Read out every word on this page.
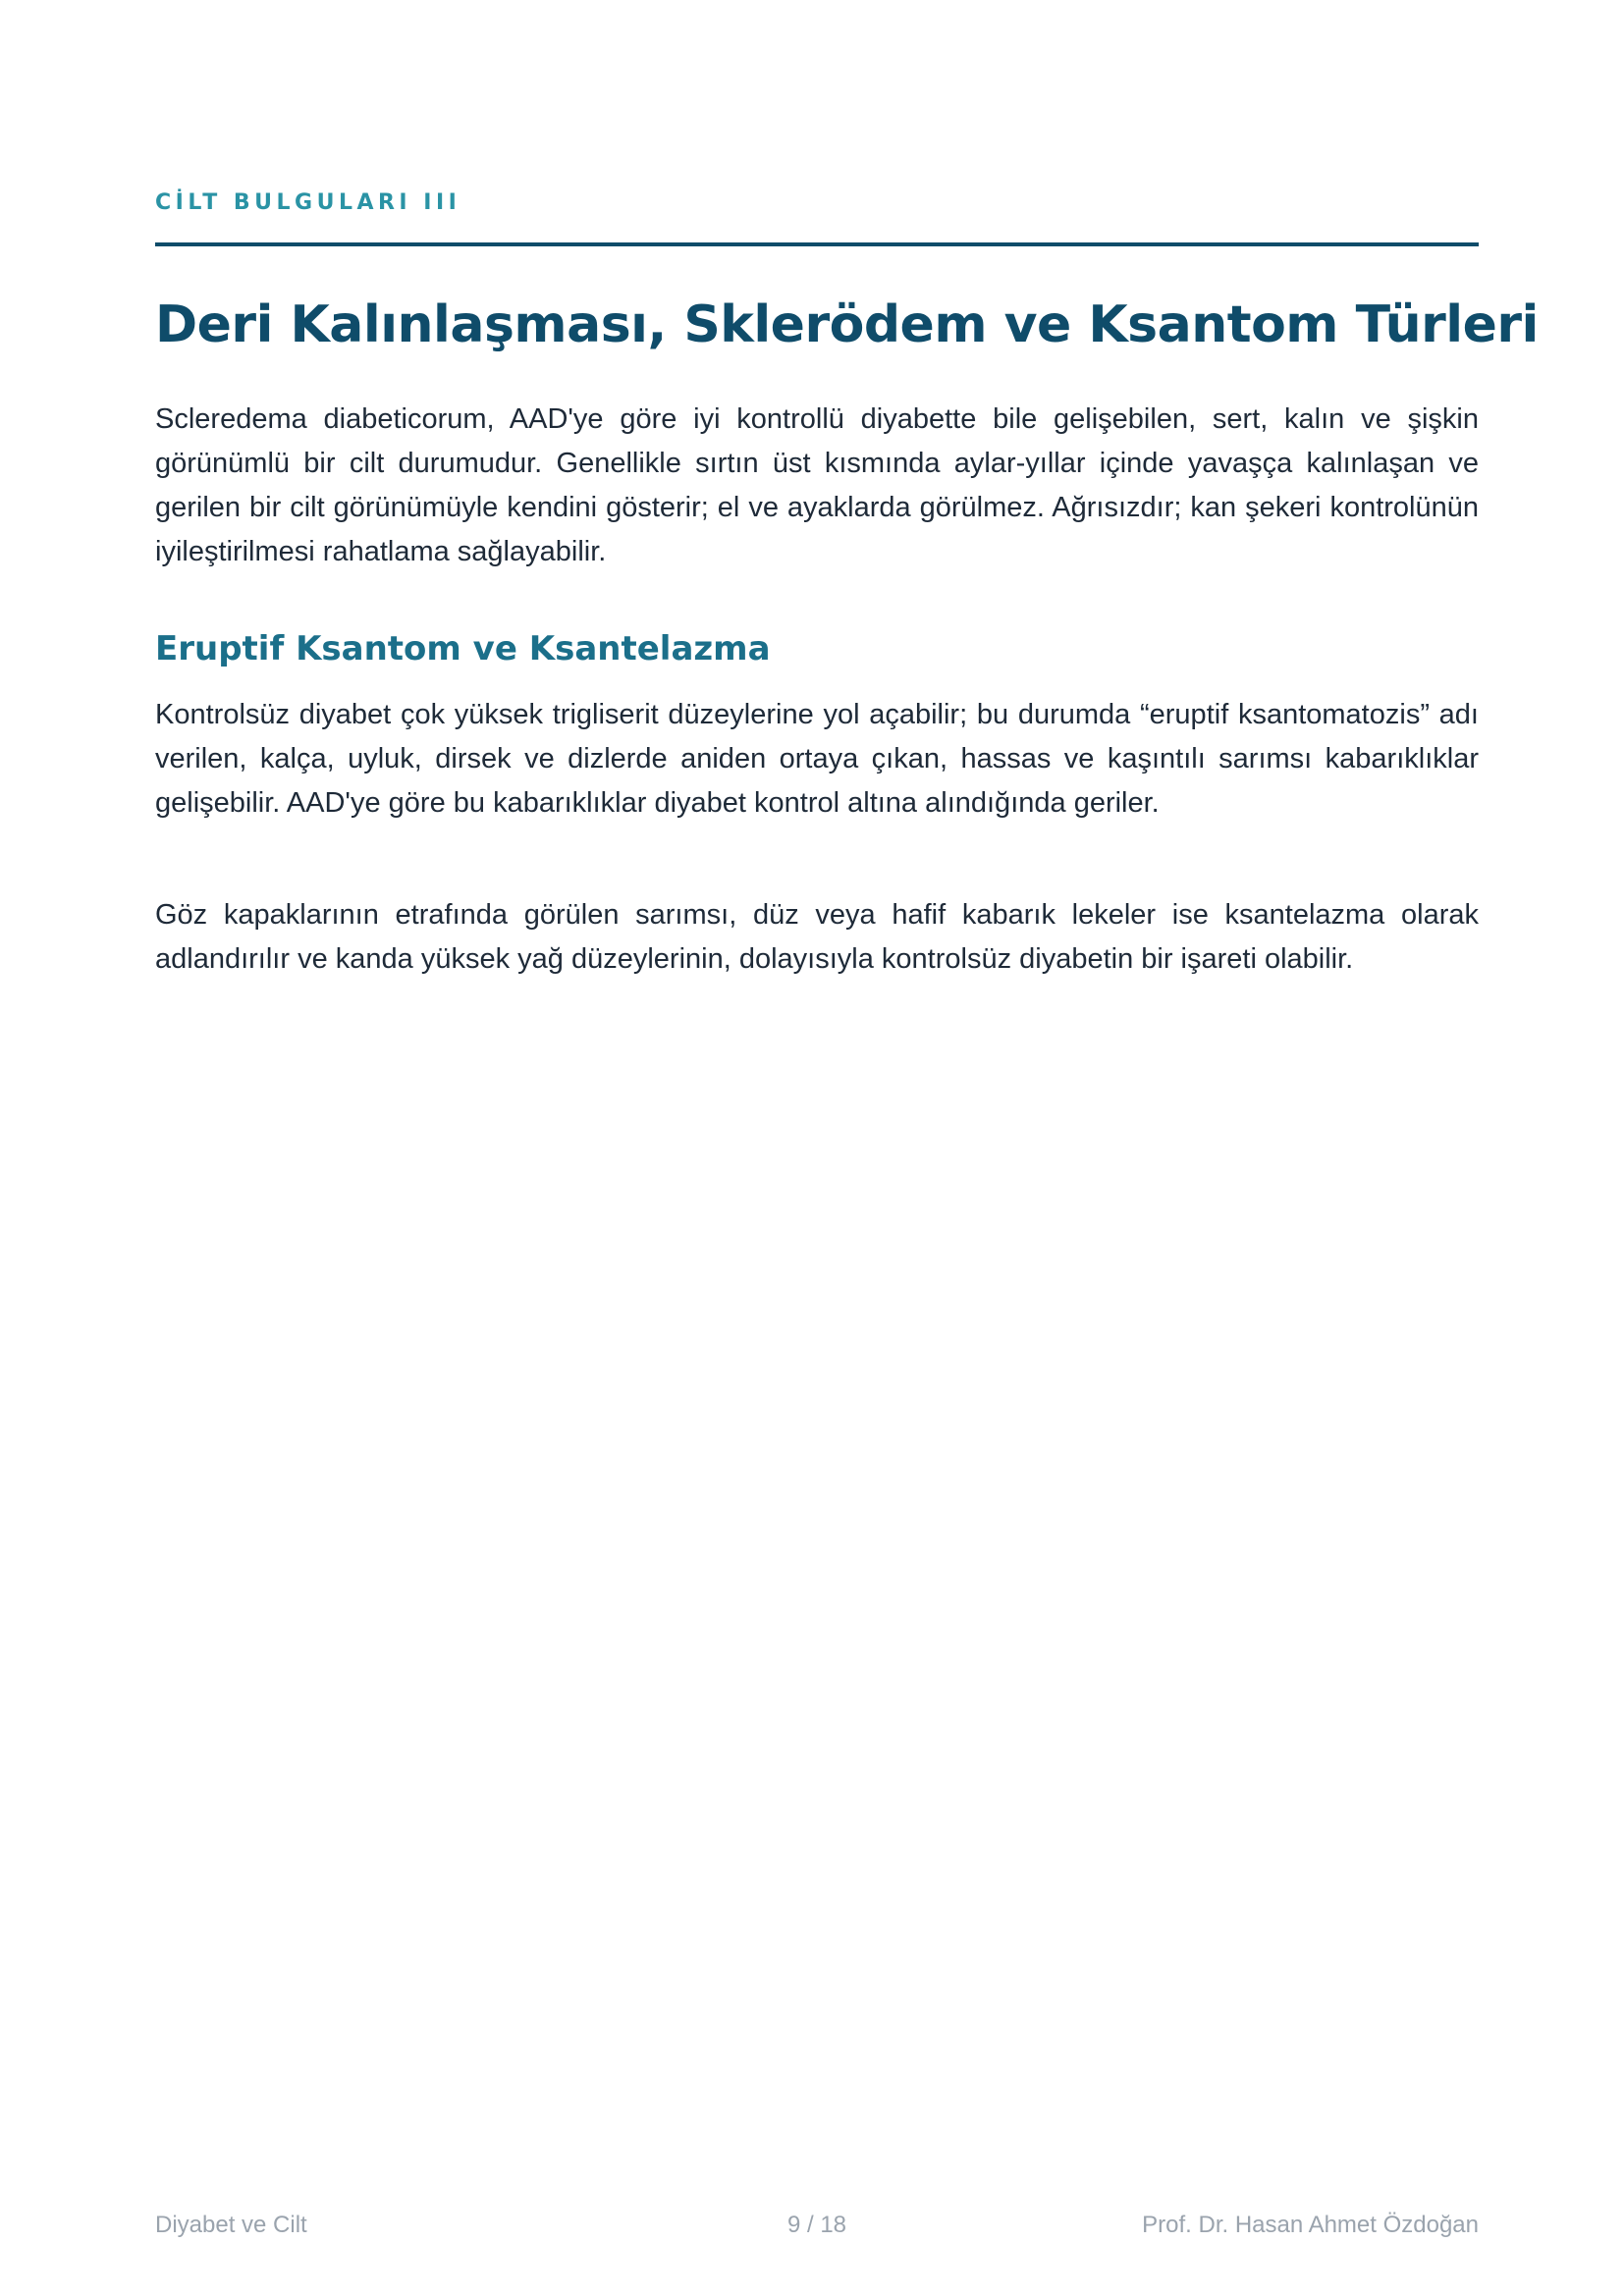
CİLT BULGULARI III
Deri Kalınlaşması, Sklerödem ve Ksantom Türleri

Scleredema diabeticorum, AAD'ye göre iyi kontrollü diyabette bile gelişebilen, sert, kalın ve şişkin görünümlü bir cilt durumudur. Genellikle sırtın üst kısmında aylar-yıllar içinde yavaşça kalınlaşan ve gerilen bir cilt görünümüyle kendini gösterir; el ve ayaklarda görülmez. Ağrısızdır; kan şekeri kontrolünün iyileştirilmesi rahatlama sağlayabilir.

Eruptif Ksantom ve Ksantelazma

Kontrolsüz diyabet çok yüksek trigliserit düzeylerine yol açabilir; bu durumda “eruptif ksantomatozis” adı verilen, kalça, uyluk, dirsek ve dizlerde aniden ortaya çıkan, hassas ve kaşıntılı sarımsı kabarıklıklar gelişebilir. AAD'ye göre bu kabarıklıklar diyabet kontrol altına alındığında geriler.

Göz kapaklarının etrafında görülen sarımsı, düz veya hafif kabarık lekeler ise ksantelazma olarak adlandırılır ve kanda yüksek yağ düzeylerinin, dolayısıyla kontrolsüz diyabetin bir işareti olabilir.

Diyabet ve Cilt	9 / 18	Prof. Dr. Hasan Ahmet Özdoğan
